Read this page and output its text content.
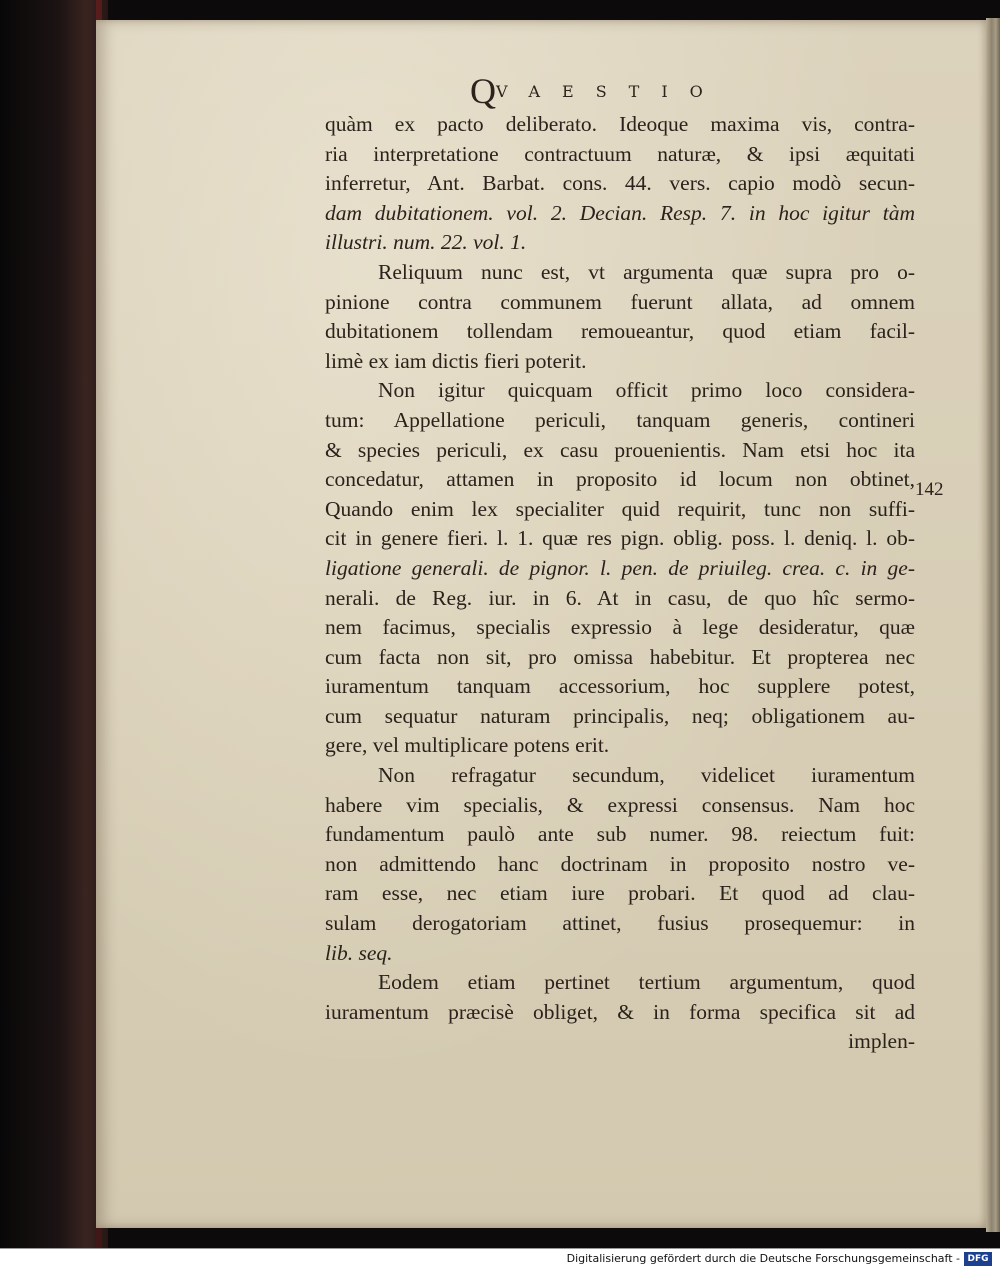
QVAESTIO
quàm ex pacto deliberato. Ideoque maxima vis, contra-
ria interpretatione contractuum naturæ, & ipsi æquitati
inferretur, Ant. Barbat. cons. 44. vers. capio modò secun-
dam dubitationem. vol. 2. Decian. Resp. 7. in hoc igitur tàm
illustri. num. 22. vol. 1.
Reliquum nunc est, vt argumenta quæ supra pro o-
pinione contra communem fuerunt allata, ad omnem
dubitationem tollendam remoueantur, quod etiam facil-
limè ex iam dictis fieri poterit.
Non igitur quicquam officit primo loco considera-
tum: Appellatione periculi, tanquam generis, contineri
& species periculi, ex casu prouenientis. Nam etsi hoc ita
concedatur, attamen in proposito id locum non obtinet,
Quando enim lex specialiter quid requirit, tunc non suffi-
cit in genere fieri. l. 1. quæ res pign. oblig. poss. l. deniq. l. ob-
ligatione generali. de pignor. l. pen. de priuileg. crea. c. in ge-
nerali. de Reg. iur. in 6. At in casu, de quo hîc sermo-
nem facimus, specialis expressio à lege desideratur, quæ
cum facta non sit, pro omissa habebitur. Et propterea nec
iuramentum tanquam accessorium, hoc supplere potest,
cum sequatur naturam principalis, neq; obligationem au-
gere, vel multiplicare potens erit.
Non refragatur secundum, videlicet iuramentum
habere vim specialis, & expressi consensus. Nam hoc
fundamentum paulò ante sub numer. 98. reiectum fuit:
non admittendo hanc doctrinam in proposito nostro ve-
ram esse, nec etiam iure probari. Et quod ad clau-
sulam derogatoriam attinet, fusius prosequemur: in
lib. seq.
Eodem etiam pertinet tertium argumentum, quod
iuramentum præcisè obliget, & in forma specifica sit ad
implen-
142
Digitalisierung gefördert durch die Deutsche Forschungsgemeinschaft - DFG
